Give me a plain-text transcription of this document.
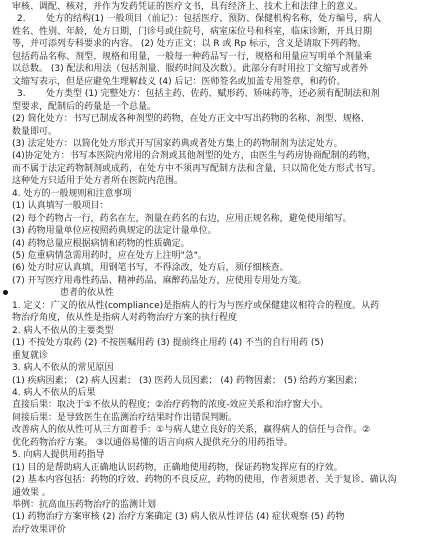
审核、调配、核对，并作为发药凭证的医疗文书，具有经济上、技术上和法律上的意义。
2. 处方的结构(1) 一般项目（前记）：包括医疗、预防、保健机构名称，处方编号，病人
姓名、性别、年龄，处方日期，门诊号或住院号，病室床位号和科室，临床诊断，开具日期
等，并可添列专科要求的内容。 (2) 处方正文：以 R 或 Rp 标示，含义是请取下列药物。
包括药品名称、剂型、规格和用量，一般每一种药品写一行，规格和用量应写明单个剂量乘
以总数。 (3) 配法和用法（包括剂量、服药时间及次数）。此部分有时用拉丁文缩写或者外
文缩写表示，但是应避免生理解歧义 (4) 后记：医师签名或加盖专用签章，和药价。
3. 处方类型 (1) 完整处方：包括主药、佐药、赋形药、矫味药等，还必须有配制法和剂
型要求，配制后的药量是一个总量。
(2) 简化处方：书写已制成各种剂型的药物，在处方正文中写出药物的名称、剂型、规格、
数量即可。
(3) 法定处方：以简化处方形式开写国家药典或者处方集上的药物制剂为法定处方。
(4)协定处方：书写本医院内常用的合剂或其他剂型的处方，由医生与药房协商配制的药物，
而不属于法定药物制剂或成药，在处方中不须再写配制方法和含量，只以简化处方形式书写。
这种处方只适用于处方者所在医院内范围。
4. 处方的一般规则和注意事项
(1) 认真填写一般项目：
(2) 每个药物占一行，药名在左，剂量在药名的右边，应用正规名称，避免使用缩写。
(3) 药物用量单位应按照药典规定的法定计量单位。
(4) 药物总量应根据病情和药物的性质确定。
(5) 危重病情急需用药时，应在处方上注明"急"。
(6) 处方时应认真填，用钢笔书写，不得涂改，处方后，须仔细核查。
(7) 开写医疗用毒性药品、精神药品、麻醉药品处方，应使用专用处方笺。
患者的依从性
1. 定义：广义的依从性(compliance)是指病人的行为与医疗或保健建议相符合的程度。从药
物治疗角度，依从性是指病人对药物治疗方案的执行程度
2. 病人不依从的主要类型
(1) 不按处方取药 (2) 不按医嘱用药 (3) 提前终止用药 (4) 不当的自行用药 (5)
重复就诊
3. 病人不依从的常见原因
(1) 疾病因素； (2) 病人因素； (3) 医药人员因素； (4) 药物因素； (5) 给药方案因素；
4. 病人不依从的后果
直接后果：取决于①不依从的程度；②治疗药物的浓度-效应关系和治疗窗大小。
间接后果：是导致医生在监测治疗结果时作出错误判断。
改善病人的依从性可从三方面着手：①与病人建立良好的关系，赢得病人的信任与合作。②
优化药物治疗方案。 ③以通俗易懂的语言向病人提供充分的用药指导。
5. 向病人提供用药指导
(1) 目的是帮助病人正确地认识药物，正确地使用药物，保证药物发挥应有的疗效。
(2) 基本内容包括：药物的疗效、药物的不良反应，药物的使用，作者须患者、关于复诊、确认沟
通效果 。
举例：抗高血压药物治疗的监测计划
(1) 药物治疗方案审核 (2) 治疗方案确定 (3) 病人依从性评估 (4) 症状观察 (5) 药物
治疗效果评价
